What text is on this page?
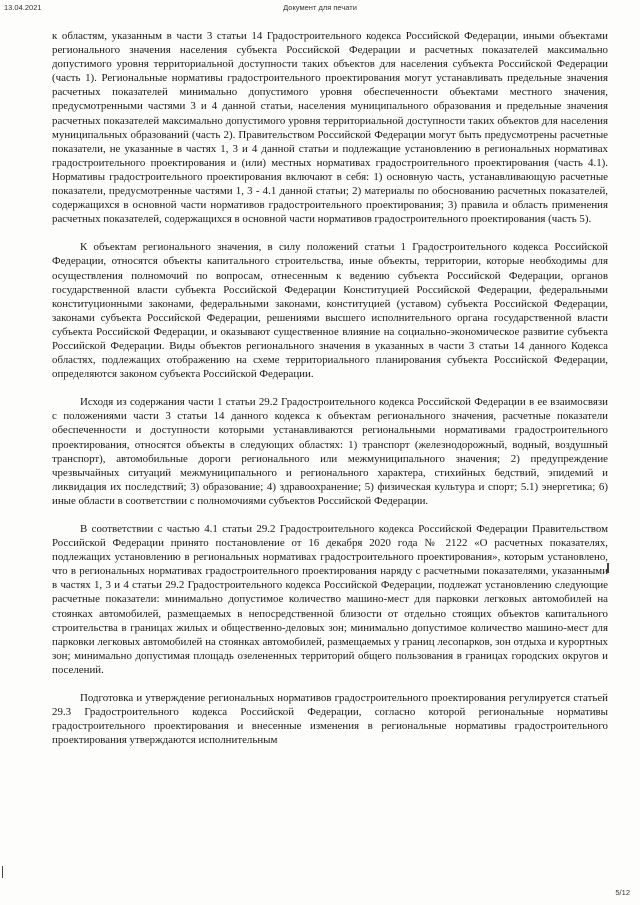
13.04.2021	Документ для печати

к областям, указанным в части 3 статьи 14 Градостроительного кодекса Российской Федерации, иными объектами регионального значения населения субъекта Российской Федерации и расчетных показателей максимально допустимого уровня территориальной доступности таких объектов для населения субъекта Российской Федерации (часть 1). Региональные нормативы градостроительного проектирования могут устанавливать предельные значения расчетных показателей минимально допустимого уровня обеспеченности объектами местного значения, предусмотренными частями 3 и 4 данной статьи, населения муниципального образования и предельные значения расчетных показателей максимально допустимого уровня территориальной доступности таких объектов для населения муниципальных образований (часть 2). Правительством Российской Федерации могут быть предусмотрены расчетные показатели, не указанные в частях 1, 3 и 4 данной статьи и подлежащие установлению в региональных нормативах градостроительного проектирования и (или) местных нормативах градостроительного проектирования (часть 4.1). Нормативы градостроительного проектирования включают в себя: 1) основную часть, устанавливающую расчетные показатели, предусмотренные частями 1, 3 - 4.1 данной статьи; 2) материалы по обоснованию расчетных показателей, содержащихся в основной части нормативов градостроительного проектирования; 3) правила и область применения расчетных показателей, содержащихся в основной части нормативов градостроительного проектирования (часть 5).

К объектам регионального значения, в силу положений статьи 1 Градостроительного кодекса Российской Федерации, относятся объекты капитального строительства, иные объекты, территории, которые необходимы для осуществления полномочий по вопросам, отнесенным к ведению субъекта Российской Федерации, органов государственной власти субъекта Российской Федерации Конституцией Российской Федерации, федеральными конституционными законами, федеральными законами, конституцией (уставом) субъекта Российской Федерации, законами субъекта Российской Федерации, решениями высшего исполнительного органа государственной власти субъекта Российской Федерации, и оказывают существенное влияние на социально-экономическое развитие субъекта Российской Федерации. Виды объектов регионального значения в указанных в части 3 статьи 14 данного Кодекса областях, подлежащих отображению на схеме территориального планирования субъекта Российской Федерации, определяются законом субъекта Российской Федерации.

Исходя из содержания части 1 статьи 29.2 Градостроительного кодекса Российской Федерации в ее взаимосвязи с положениями части 3 статьи 14 данного кодекса к объектам регионального значения, расчетные показатели обеспеченности и доступности которыми устанавливаются региональными нормативами градостроительного проектирования, относятся объекты в следующих областях: 1) транспорт (железнодорожный, водный, воздушный транспорт), автомобильные дороги регионального или межмуниципального значения; 2) предупреждение чрезвычайных ситуаций межмуниципального и регионального характера, стихийных бедствий, эпидемий и ликвидация их последствий; 3) образование; 4) здравоохранение; 5) физическая культура и спорт; 5.1) энергетика; 6) иные области в соответствии с полномочиями субъектов Российской Федерации.

В соответствии с частью 4.1 статьи 29.2 Градостроительного кодекса Российской Федерации Правительством Российской Федерации принято постановление от 16 декабря 2020 года № 2122 «О расчетных показателях, подлежащих установлению в региональных нормативах градостроительного проектирования», которым установлено, что в региональных нормативах градостроительного проектирования наряду с расчетными показателями, указанными в частях 1, 3 и 4 статьи 29.2 Градостроительного кодекса Российской Федерации, подлежат установлению следующие расчетные показатели: минимально допустимое количество машино-мест для парковки легковых автомобилей на стоянках автомобилей, размещаемых в непосредственной близости от отдельно стоящих объектов капитального строительства в границах жилых и общественно-деловых зон; минимально допустимое количество машино-мест для парковки легковых автомобилей на стоянках автомобилей, размещаемых у границ лесопарков, зон отдыха и курортных зон; минимально допустимая площадь озелененных территорий общего пользования в границах городских округов и поселений.

Подготовка и утверждение региональных нормативов градостроительного проектирования регулируется статьей 29.3 Градостроительного кодекса Российской Федерации, согласно которой региональные нормативы градостроительного проектирования и внесенные изменения в региональные нормативы градостроительного проектирования утверждаются исполнительным

5/12
